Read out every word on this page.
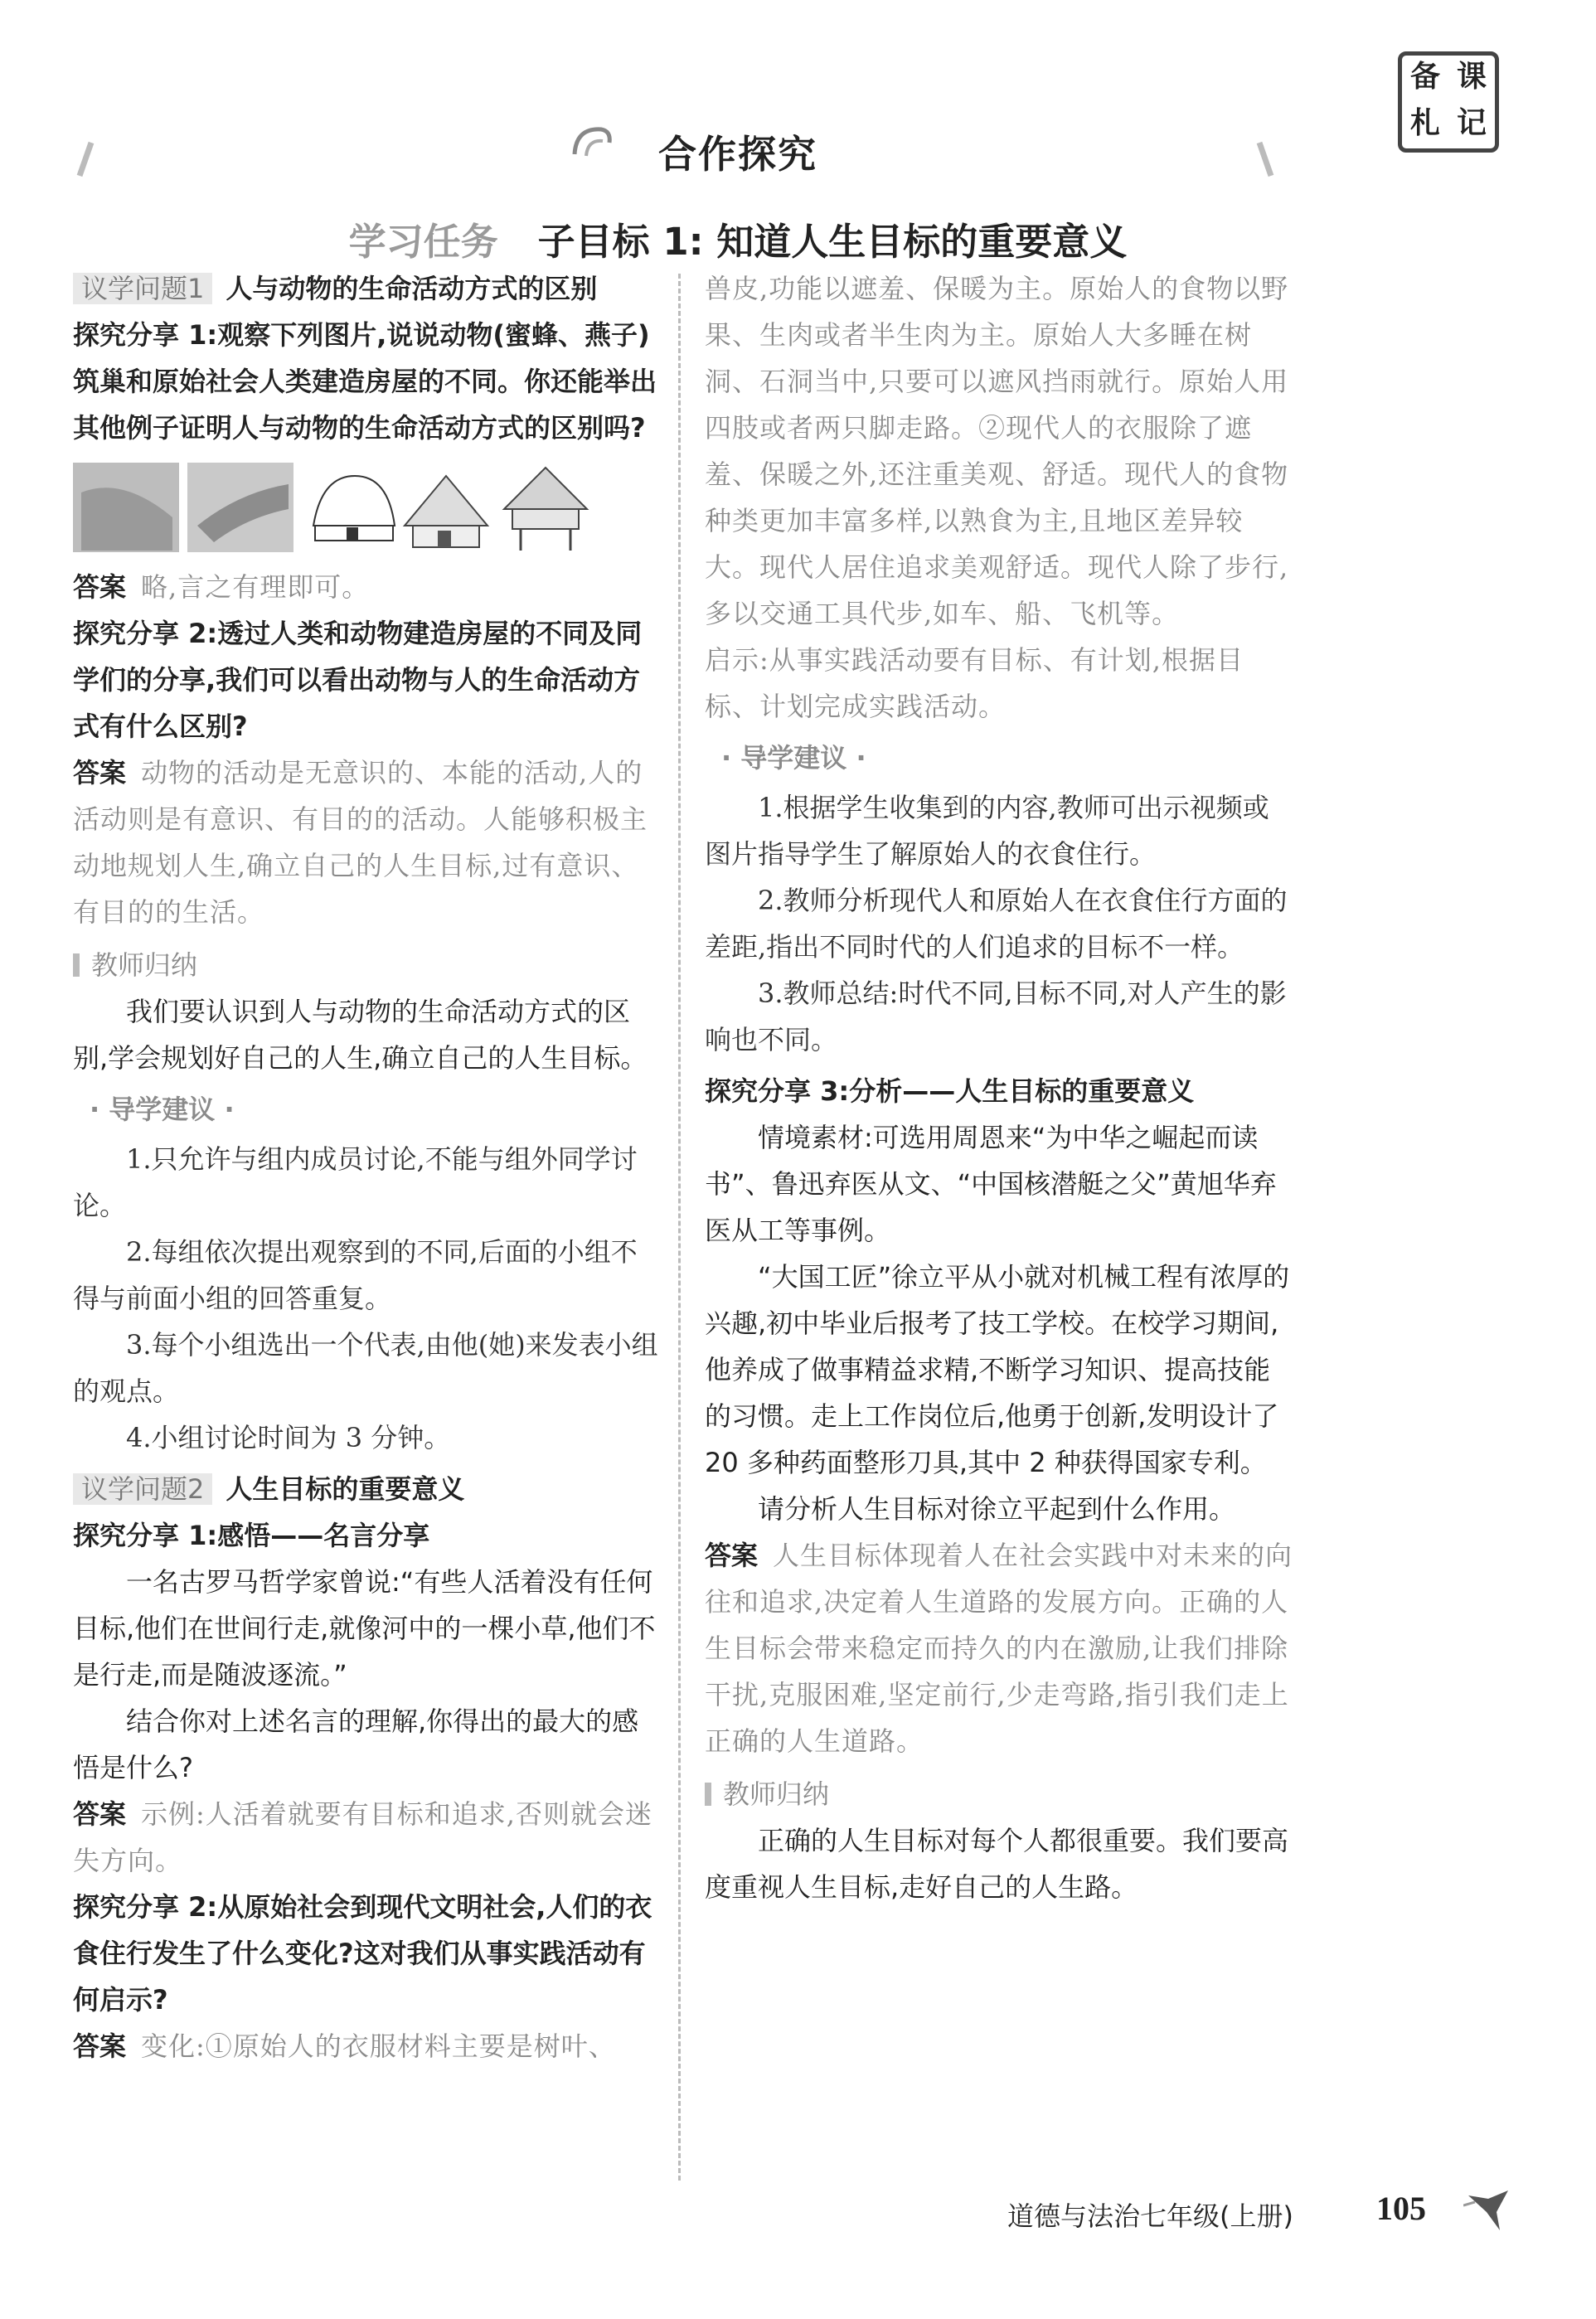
合作探究
备 课
札 记
学习任务 子目标 1: 知道人生目标的重要意义

议学问题1 人与动物的生命活动方式的区别

探究分享 1:观察下列图片,说说动物(蜜蜂、燕子)筑巢和原始社会人类建造房屋的不同。你还能举出其他例子证明人与动物的生命活动方式的区别吗?

答案 略,言之有理即可。

探究分享 2:透过人类和动物建造房屋的不同及同学们的分享,我们可以看出动物与人的生命活动方式有什么区别?

答案 动物的活动是无意识的、本能的活动,人的活动则是有意识、有目的的活动。人能够积极主动地规划人生,确立自己的人生目标,过有意识、有目的的生活。

教师归纳

我们要认识到人与动物的生命活动方式的区别,学会规划好自己的人生,确立自己的人生目标。

· 导学建议 ·

1.只允许与组内成员讨论,不能与组外同学讨论。

2.每组依次提出观察到的不同,后面的小组不得与前面小组的回答重复。

3.每个小组选出一个代表,由他(她)来发表小组的观点。

4.小组讨论时间为 3 分钟。

议学问题2 人生目标的重要意义

探究分享 1:感悟——名言分享

一名古罗马哲学家曾说:“有些人活着没有任何目标,他们在世间行走,就像河中的一棵小草,他们不是行走,而是随波逐流。”

结合你对上述名言的理解,你得出的最大的感悟是什么?

答案 示例:人活着就要有目标和追求,否则就会迷失方向。

探究分享 2:从原始社会到现代文明社会,人们的衣食住行发生了什么变化?这对我们从事实践活动有何启示?

答案 变化:①原始人的衣服材料主要是树叶、

兽皮,功能以遮羞、保暖为主。原始人的食物以野果、生肉或者半生肉为主。原始人大多睡在树洞、石洞当中,只要可以遮风挡雨就行。原始人用四肢或者两只脚走路。②现代人的衣服除了遮羞、保暖之外,还注重美观、舒适。现代人的食物种类更加丰富多样,以熟食为主,且地区差异较大。现代人居住追求美观舒适。现代人除了步行,多以交通工具代步,如车、船、飞机等。

启示:从事实践活动要有目标、有计划,根据目标、计划完成实践活动。

· 导学建议 ·

1.根据学生收集到的内容,教师可出示视频或图片指导学生了解原始人的衣食住行。

2.教师分析现代人和原始人在衣食住行方面的差距,指出不同时代的人们追求的目标不一样。

3.教师总结:时代不同,目标不同,对人产生的影响也不同。

探究分享 3:分析——人生目标的重要意义

情境素材:可选用周恩来“为中华之崛起而读书”、鲁迅弃医从文、“中国核潜艇之父”黄旭华弃医从工等事例。

“大国工匠”徐立平从小就对机械工程有浓厚的兴趣,初中毕业后报考了技工学校。在校学习期间,他养成了做事精益求精,不断学习知识、提高技能的习惯。走上工作岗位后,他勇于创新,发明设计了 20 多种药面整形刀具,其中 2 种获得国家专利。

请分析人生目标对徐立平起到什么作用。

答案 人生目标体现着人在社会实践中对未来的向往和追求,决定着人生道路的发展方向。正确的人生目标会带来稳定而持久的内在激励,让我们排除干扰,克服困难,坚定前行,少走弯路,指引我们走上正确的人生道路。

教师归纳

正确的人生目标对每个人都很重要。我们要高度重视人生目标,走好自己的人生路。

道德与法治七年级(上册)	105
